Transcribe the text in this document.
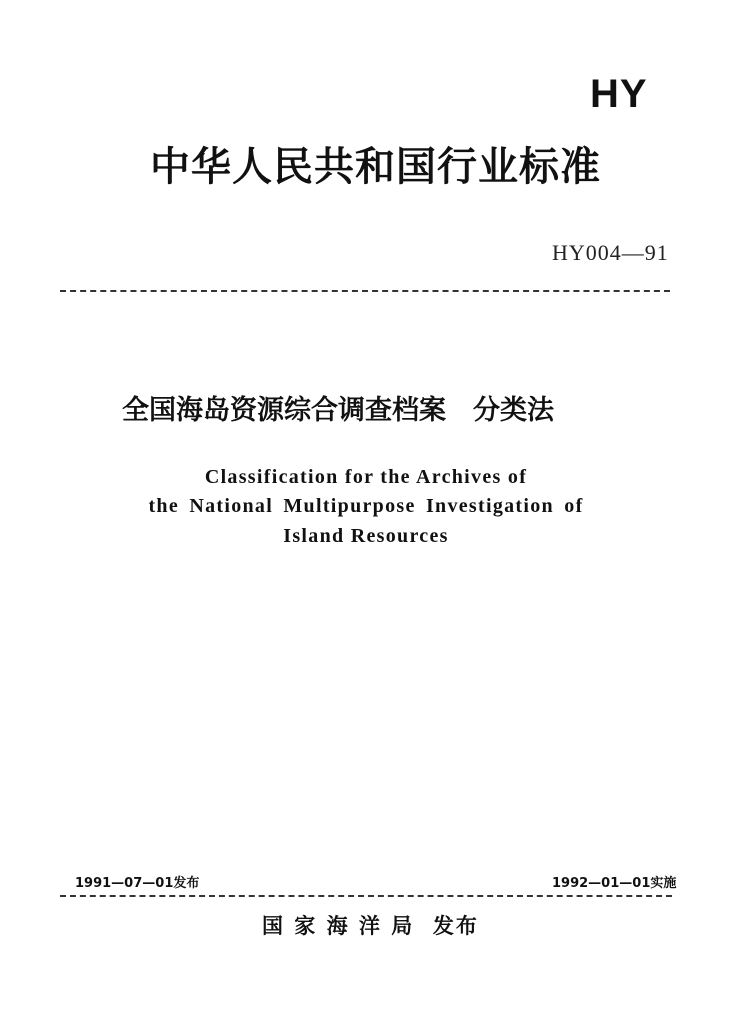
HY
中华人民共和国行业标准
HY004—91
全国海岛资源综合调查档案　分类法
Classification for the Archives of
the National Multipurpose Investigation of
Island Resources
1991—07—01发布	1992—01—01实施
国 家 海 洋 局  发布
